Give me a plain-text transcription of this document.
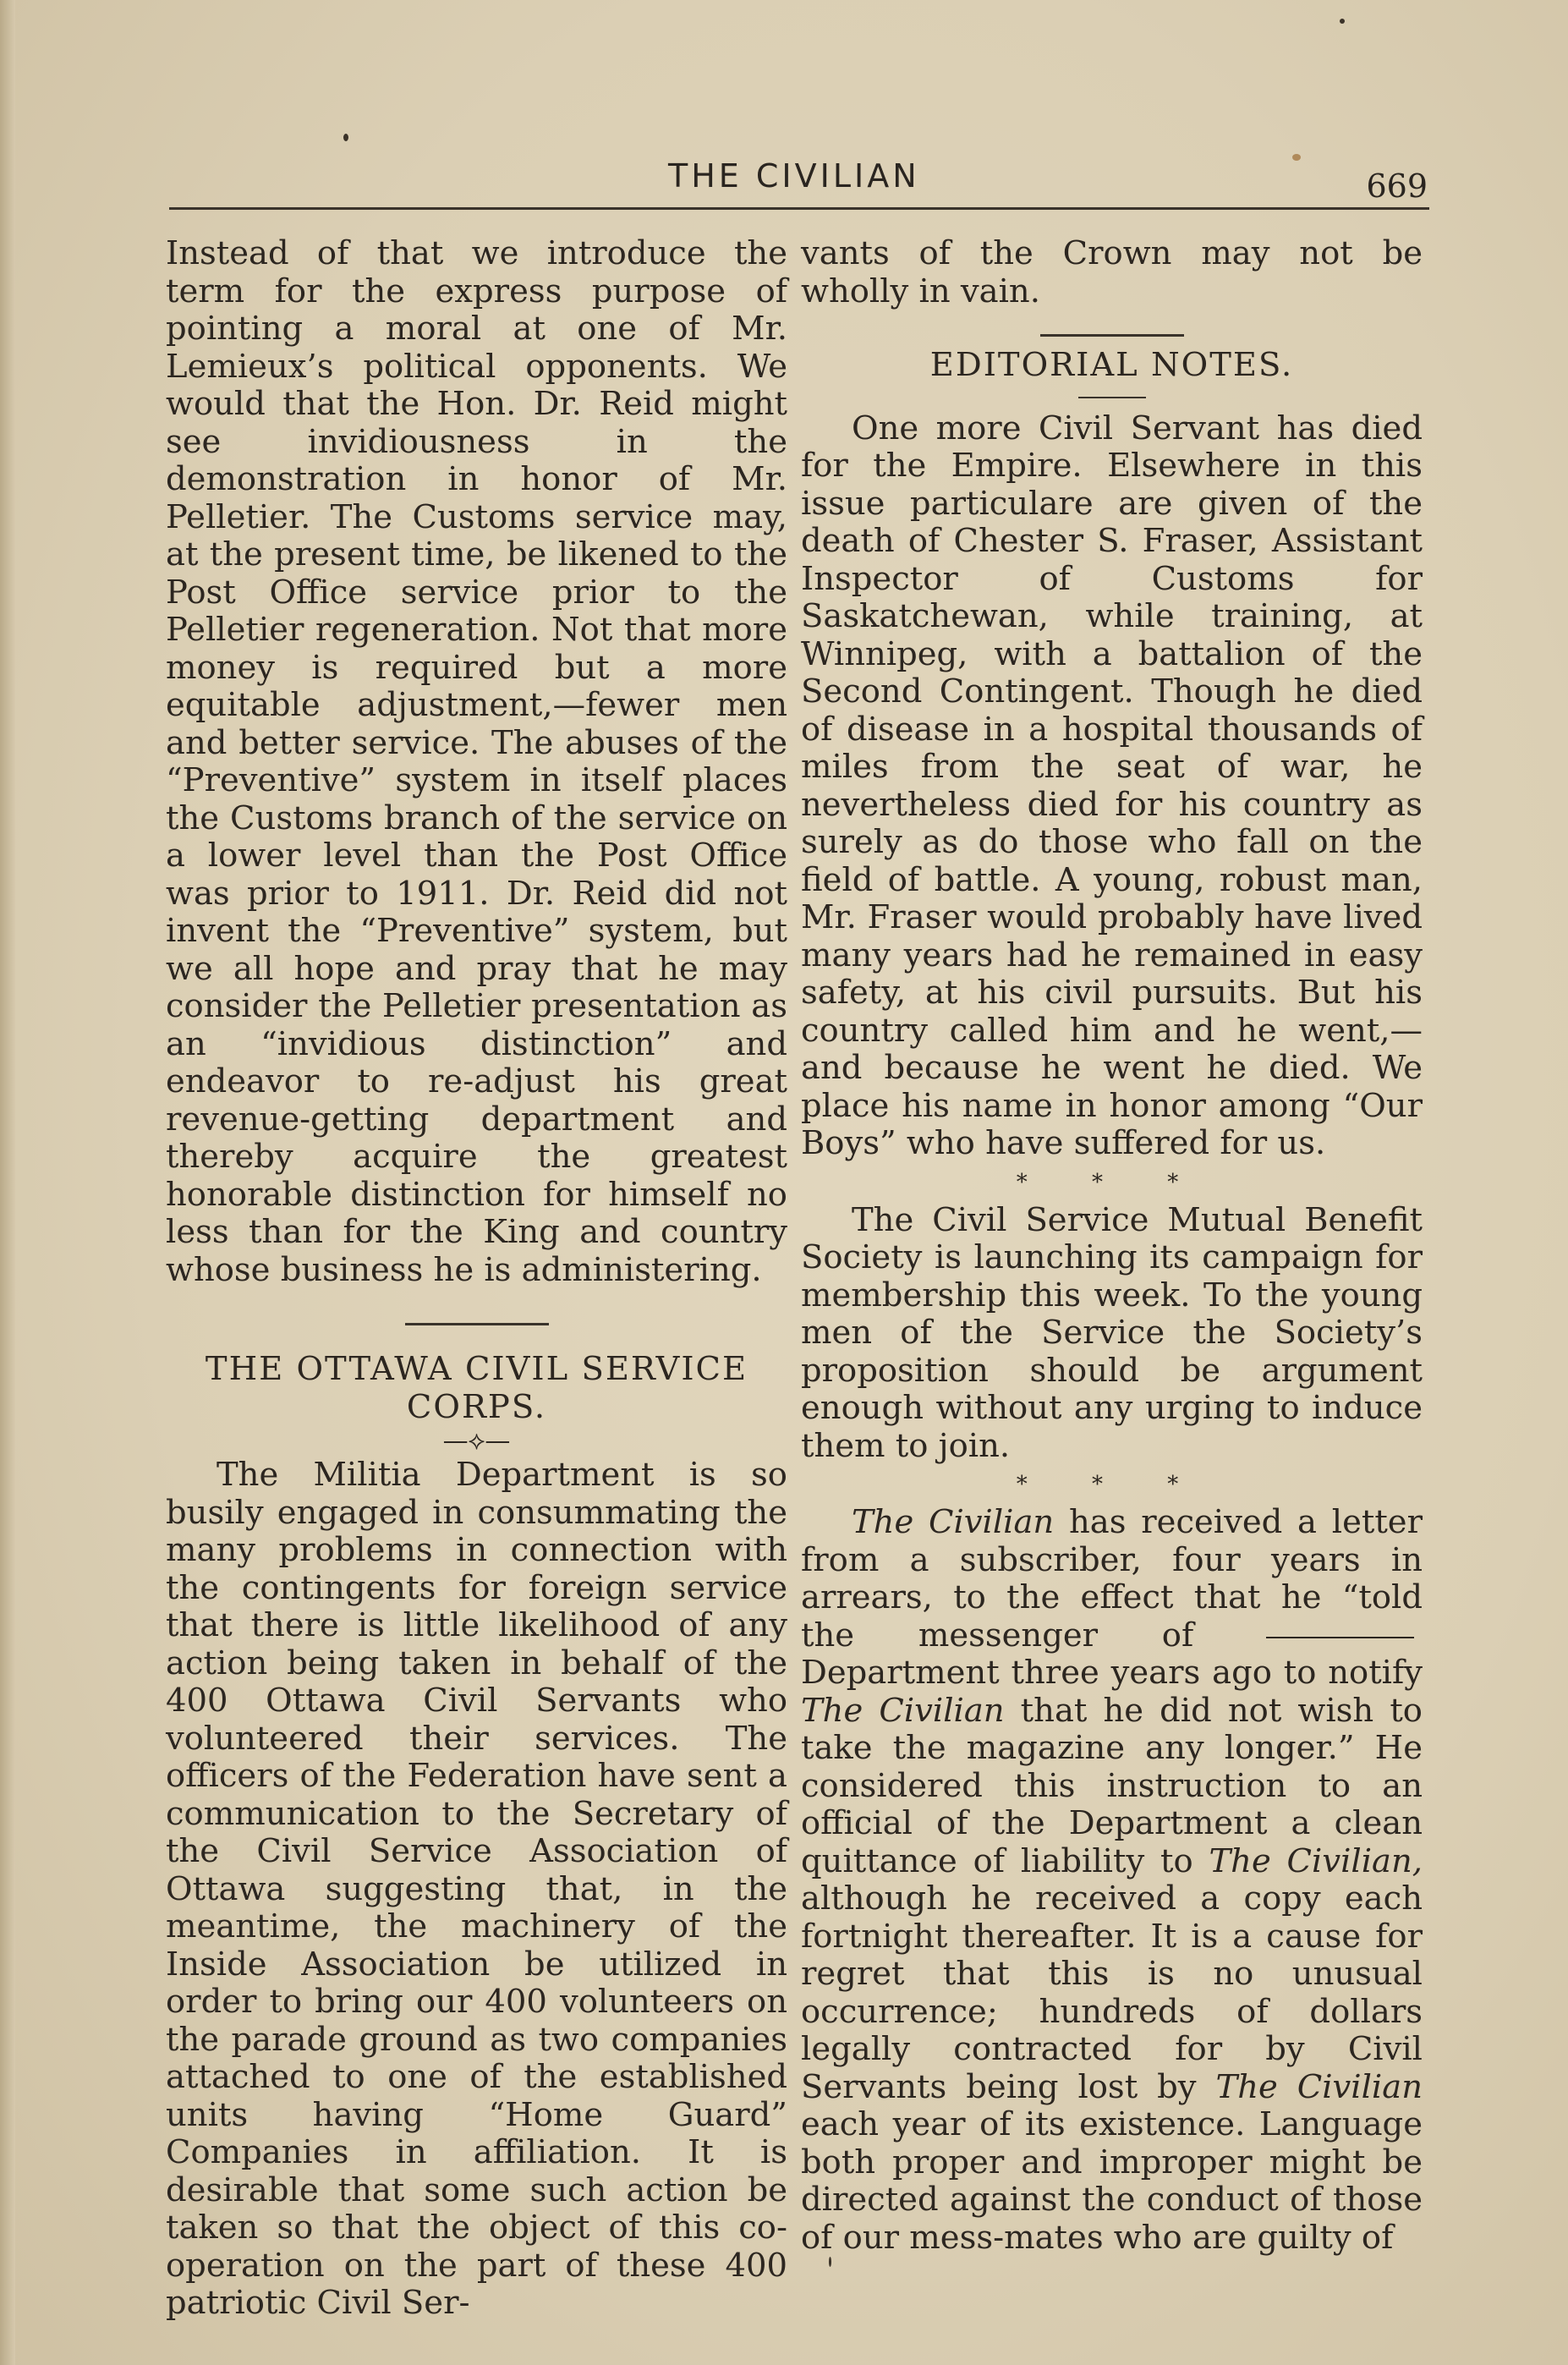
THE CIVILIAN	669

Instead of that we introduce the term for the express purpose of pointing a moral at one of Mr. Lemieux’s political opponents. We would that the Hon. Dr. Reid might see invidiousness in the demonstration in honor of Mr. Pelletier. The Customs service may, at the present time, be likened to the Post Office service prior to the Pelletier regeneration. Not that more money is required but a more equitable adjustment,—fewer men and better service. The abuses of the “Preventive” system in itself places the Customs branch of the service on a lower level than the Post Office was prior to 1911. Dr. Reid did not invent the “Preventive” system, but we all hope and pray that he may consider the Pelletier presentation as an “invidious distinction” and endeavor to re-adjust his great revenue-getting department and thereby acquire the greatest honorable distinction for himself no less than for the King and country whose business he is administering.

THE OTTAWA CIVIL SERVICE

CORPS.

—⟡—

The Militia Department is so busily engaged in consummating the many problems in connection with the contingents for foreign service that there is little likelihood of any action being taken in behalf of the 400 Ottawa Civil Servants who volunteered their services. The officers of the Federation have sent a communication to the Secretary of the Civil Service Association of Ottawa suggesting that, in the meantime, the machinery of the Inside Association be utilized in order to bring our 400 volunteers on the parade ground as two companies attached to one of the established units having “Home Guard” Companies in affiliation. It is desirable that some such action be taken so that the object of this co-operation on the part of these 400 patriotic Civil Ser-

vants of the Crown may not be wholly in vain.

EDITORIAL NOTES.

One more Civil Servant has died for the Empire. Elsewhere in this issue particulare are given of the death of Chester S. Fraser, Assistant Inspector of Customs for Saskatchewan, while training, at Winnipeg, with a battalion of the Second Contingent. Though he died of disease in a hospital thousands of miles from the seat of war, he nevertheless died for his country as surely as do those who fall on the field of battle. A young, robust man, Mr. Fraser would probably have lived many years had he remained in easy safety, at his civil pursuits. But his country called him and he went,—and because he went he died. We place his name in honor among “Our Boys” who have suffered for us.

* * *

The Civil Service Mutual Benefit Society is launching its campaign for membership this week. To the young men of the Service the Society’s proposition should be argument enough without any urging to induce them to join.

* * *

The Civilian has received a letter from a subscriber, four years in arrears, to the effect that he “told the messenger of  Department three years ago to notify The Civilian that he did not wish to take the magazine any longer.” He considered this instruction to an official of the Department a clean quittance of liability to The Civilian, although he received a copy each fortnight thereafter. It is a cause for regret that this is no unusual occurrence; hundreds of dollars legally contracted for by Civil Servants being lost by The Civilian each year of its existence. Language both proper and improper might be directed against the conduct of those of our mess-mates who are guilty of
